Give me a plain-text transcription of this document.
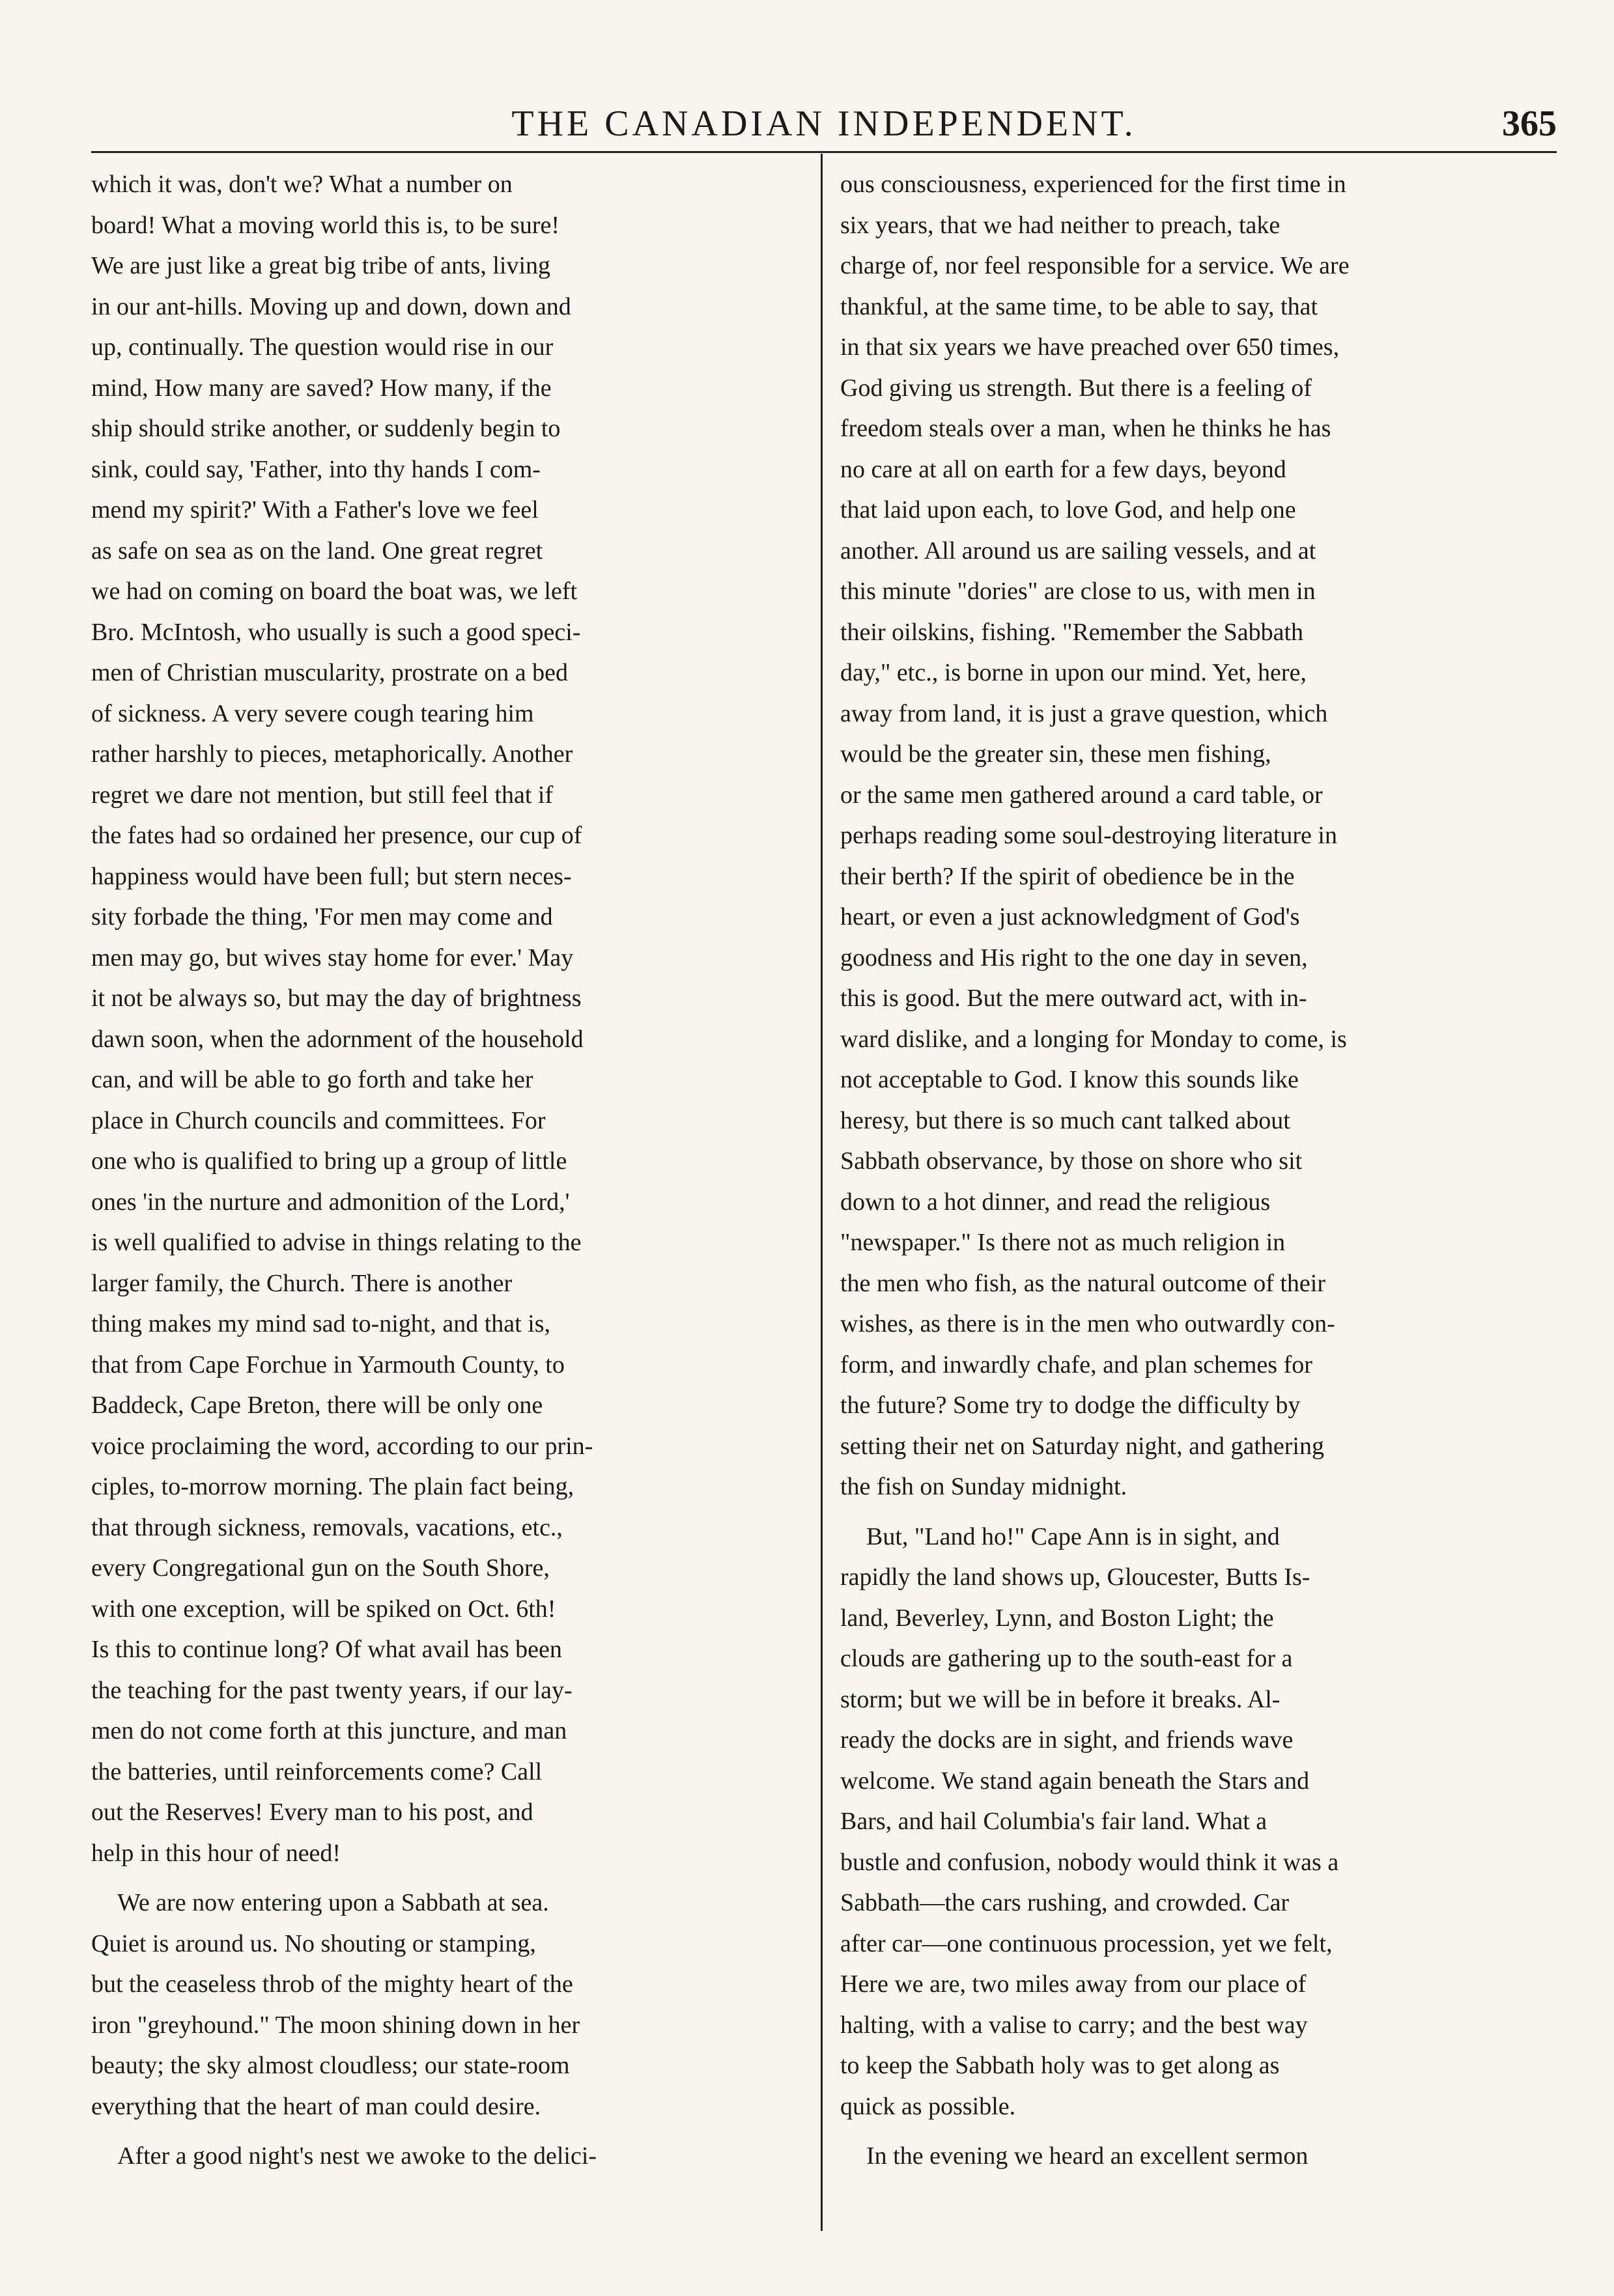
THE CANADIAN INDEPENDENT.	365
which it was, don't we? What a number on
board! What a moving world this is, to be sure!
We are just like a great big tribe of ants, living
in our ant-hills. Moving up and down, down and
up, continually. The question would rise in our
mind, How many are saved? How many, if the
ship should strike another, or suddenly begin to
sink, could say, 'Father, into thy hands I com-
mend my spirit?' With a Father's love we feel
as safe on sea as on the land. One great regret
we had on coming on board the boat was, we left
Bro. McIntosh, who usually is such a good speci-
men of Christian muscularity, prostrate on a bed
of sickness. A very severe cough tearing him
rather harshly to pieces, metaphorically. Another
regret we dare not mention, but still feel that if
the fates had so ordained her presence, our cup of
happiness would have been full; but stern neces-
sity forbade the thing, 'For men may come and
men may go, but wives stay home for ever.' May
it not be always so, but may the day of brightness
dawn soon, when the adornment of the household
can, and will be able to go forth and take her
place in Church councils and committees. For
one who is qualified to bring up a group of little
ones 'in the nurture and admonition of the Lord,'
is well qualified to advise in things relating to the
larger family, the Church. There is another
thing makes my mind sad to-night, and that is,
that from Cape Forchue in Yarmouth County, to
Baddeck, Cape Breton, there will be only one
voice proclaiming the word, according to our prin-
ciples, to-morrow morning. The plain fact being,
that through sickness, removals, vacations, etc.,
every Congregational gun on the South Shore,
with one exception, will be spiked on Oct. 6th!
Is this to continue long? Of what avail has been
the teaching for the past twenty years, if our lay-
men do not come forth at this juncture, and man
the batteries, until reinforcements come? Call
out the Reserves! Every man to his post, and
help in this hour of need!
We are now entering upon a Sabbath at sea.
Quiet is around us. No shouting or stamping,
but the ceaseless throb of the mighty heart of the
iron "greyhound." The moon shining down in her
beauty; the sky almost cloudless; our state-room
everything that the heart of man could desire.
After a good night's nest we awoke to the delici-
ous consciousness, experienced for the first time in
six years, that we had neither to preach, take
charge of, nor feel responsible for a service. We are
thankful, at the same time, to be able to say, that
in that six years we have preached over 650 times,
God giving us strength. But there is a feeling of
freedom steals over a man, when he thinks he has
no care at all on earth for a few days, beyond
that laid upon each, to love God, and help one
another. All around us are sailing vessels, and at
this minute "dories" are close to us, with men in
their oilskins, fishing. "Remember the Sabbath
day," etc., is borne in upon our mind. Yet, here,
away from land, it is just a grave question, which
would be the greater sin, these men fishing,
or the same men gathered around a card table, or
perhaps reading some soul-destroying literature in
their berth? If the spirit of obedience be in the
heart, or even a just acknowledgment of God's
goodness and His right to the one day in seven,
this is good. But the mere outward act, with in-
ward dislike, and a longing for Monday to come, is
not acceptable to God. I know this sounds like
heresy, but there is so much cant talked about
Sabbath observance, by those on shore who sit
down to a hot dinner, and read the religious
"newspaper." Is there not as much religion in
the men who fish, as the natural outcome of their
wishes, as there is in the men who outwardly con-
form, and inwardly chafe, and plan schemes for
the future? Some try to dodge the difficulty by
setting their net on Saturday night, and gathering
the fish on Sunday midnight.
But, "Land ho!" Cape Ann is in sight, and
rapidly the land shows up, Gloucester, Butts Is-
land, Beverley, Lynn, and Boston Light; the
clouds are gathering up to the south-east for a
storm; but we will be in before it breaks. Al-
ready the docks are in sight, and friends wave
welcome. We stand again beneath the Stars and
Bars, and hail Columbia's fair land. What a
bustle and confusion, nobody would think it was a
Sabbath—the cars rushing, and crowded. Car
after car—one continuous procession, yet we felt,
Here we are, two miles away from our place of
halting, with a valise to carry; and the best way
to keep the Sabbath holy was to get along as
quick as possible.
In the evening we heard an excellent sermon
